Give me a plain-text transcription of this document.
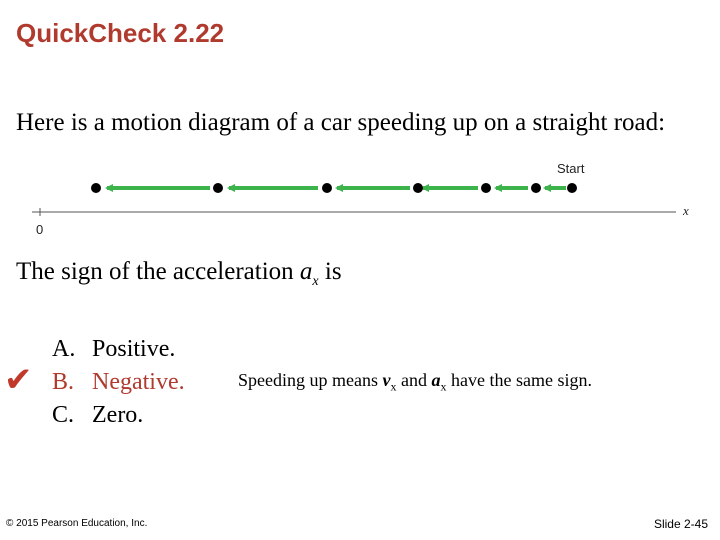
QuickCheck 2.22
Here is a motion diagram of a car speeding up on a straight road:
Start
0
x
The sign of the acceleration $a_x$ is
✔
A. Positive.
B. Negative.
C. Zero.
Speeding up means $v_x$ and $a_x$ have the same sign.
© 2015 Pearson Education, Inc.	Slide 2-45
